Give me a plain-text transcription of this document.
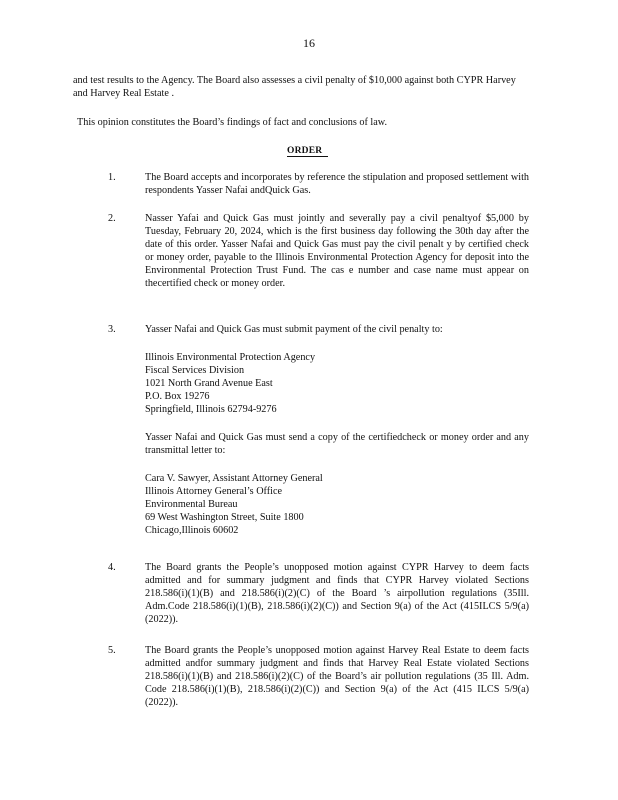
16

and test results to the Agency. The Board also assesses a civil penalty of $10,000 against both CYPR Harvey and Harvey Real Estate .

This opinion constitutes the Board’s findings of fact and conclusions of law.

ORDER
1.	The Board accepts and incorporates by reference the stipulation and proposed settlement with respondents Yasser Nafai andQuick Gas.

2.	Nasser Yafai and Quick Gas must jointly and severally pay a civil penaltyof $5,000 by Tuesday, February 20, 2024, which is the first business day following the 30th day after the date of this order. Yasser Nafai and Quick Gas must pay the civil penalt y by certified check or money order, payable to the Illinois Environmental Protection Agency for deposit into the Environmental Protection Trust Fund. The cas e number and case name must appear on thecertified check or money order.

3.	Yasser Nafai and Quick Gas must submit payment of the civil penalty to:

Illinois Environmental Protection Agency
Fiscal Services Division
1021 North Grand Avenue East
P.O. Box 19276
Springfield, Illinois 62794-9276

Yasser Nafai and Quick Gas must send a copy of the certifiedcheck or money order and any transmittal letter to:

Cara V. Sawyer, Assistant Attorney General
Illinois Attorney General’s Office
Environmental Bureau
69 West Washington Street, Suite 1800
Chicago,Illinois 60602
4.	The Board grants the People’s unopposed motion against CYPR Harvey to deem facts admitted and for summary judgment and finds that CYPR Harvey violated Sections 218.586(i)(1)(B) and 218.586(i)(2)(C) of the Board ’s airpollution regulations (35Ill. Adm.Code 218.586(i)(1)(B), 218.586(i)(2)(C)) and Section 9(a) of the Act (415ILCS 5/9(a) (2022)).

5.	The Board grants the People’s unopposed motion against Harvey Real Estate to deem facts admitted andfor summary judgment and finds that Harvey Real Estate violated Sections 218.586(i)(1)(B) and 218.586(i)(2)(C) of the Board’s air pollution regulations (35 Ill. Adm. Code 218.586(i)(1)(B), 218.586(i)(2)(C)) and Section 9(a) of the Act (415 ILCS 5/9(a) (2022)).
